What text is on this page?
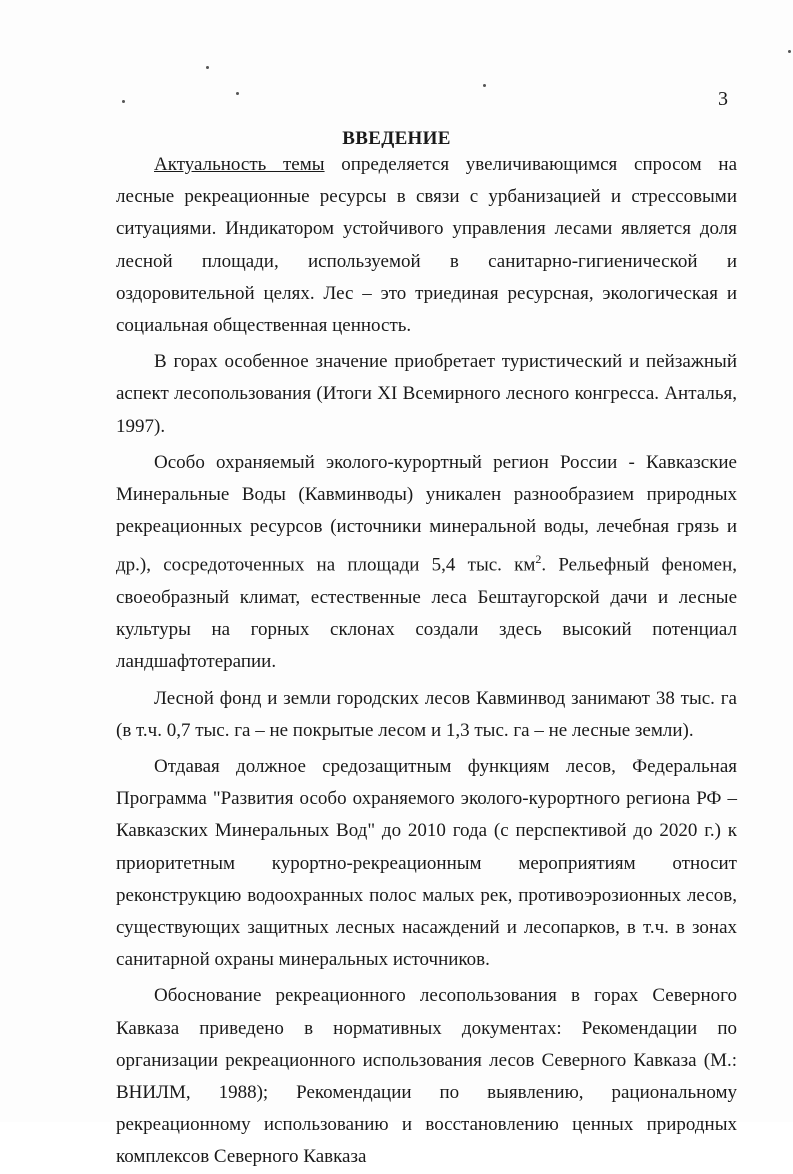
3
ВВЕДЕНИЕ

Актуальность темы определяется увеличивающимся спросом на лесные рекреационные ресурсы в связи с урбанизацией и стрессовыми ситуациями. Индикатором устойчивого управления лесами является доля лесной площади, используемой в санитарно-гигиенической и оздоровительной целях. Лес – это триединая ресурсная, экологическая и социальная общественная ценность.

В горах особенное значение приобретает туристический и пейзажный аспект лесопользования (Итоги XI Всемирного лесного конгресса. Анталья, 1997).

Особо охраняемый эколого-курортный регион России - Кавказские Минеральные Воды (Кавминводы) уникален разнообразием природных рекреационных ресурсов (источники минеральной воды, лечебная грязь и др.), сосредоточенных на площади 5,4 тыс. $км^2$. Рельефный феномен, своеобразный климат, естественные леса Бештаугорской дачи и лесные культуры на горных склонах создали здесь высокий потенциал ландшафтотерапии.

Лесной фонд и земли городских лесов Кавминвод занимают 38 тыс. га (в т.ч. 0,7 тыс. га – не покрытые лесом и 1,3 тыс. га – не лесные земли).

Отдавая должное средозащитным функциям лесов, Федеральная Программа "Развития особо охраняемого эколого-курортного региона РФ – Кавказских Минеральных Вод" до 2010 года (с перспективой до 2020 г.) к приоритетным курортно-рекреационным мероприятиям относит реконструкцию водоохранных полос малых рек, противоэрозионных лесов, существующих защитных лесных насаждений и лесопарков, в т.ч. в зонах санитарной охраны минеральных источников.

Обоснование рекреационного лесопользования в горах Северного Кавказа приведено в нормативных документах: Рекомендации по организации рекреационного использования лесов Северного Кавказа (М.: ВНИЛМ, 1988); Рекомендации по выявлению, рациональному рекреационному использованию и восстановлению ценных природных комплексов Северного Кавказа
